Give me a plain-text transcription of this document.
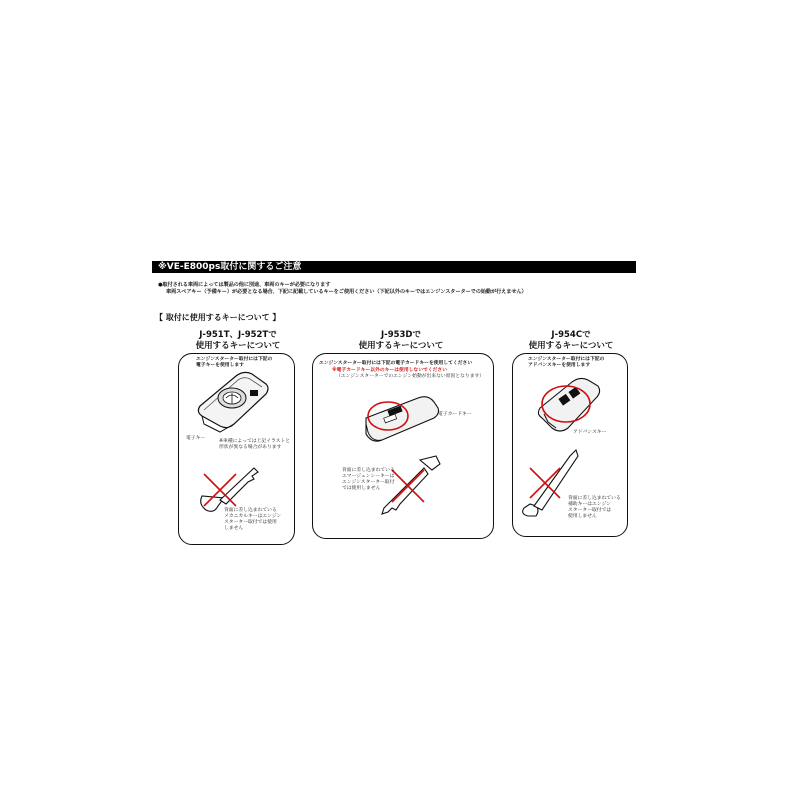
※VE-E800ps取付に関するご注意
●取付される車両によっては製品の他に別途、車両のキーが必要になります
車両スペアキー（予備キー）が必要となる場合、下記に記載しているキーをご使用ください（下記以外のキーではエンジンスターターでの始動が行えません）
【 取付に使用するキーについて 】
J-951T、J-952Tで
使用するキーについて
エンジンスターター取付には下記の
電子キーを使用します
電子キー
※車種によっては上記イラストと
形状が異なる場合があります
背面に差し込まれている
メカニカルキーはエンジン
スターター取付では使用
しません
J-953Dで
使用するキーについて
エンジンスターター取付には下記の電子カードキーを使用してください
※電子カードキー以外のキーは使用しないでください
（エンジンスターターでのエンジン始動が出来ない原因となります）
電子カードキー
背面に差し込まれている
エマージェンシーキーは
エンジンスターター取付
では使用しません
J-954Cで
使用するキーについて
エンジンスターター取付には下記の
アドバンスキーを使用します
アドバンスキー
背面に差し込まれている
補助キーはエンジン
スターター取付では
使用しません
